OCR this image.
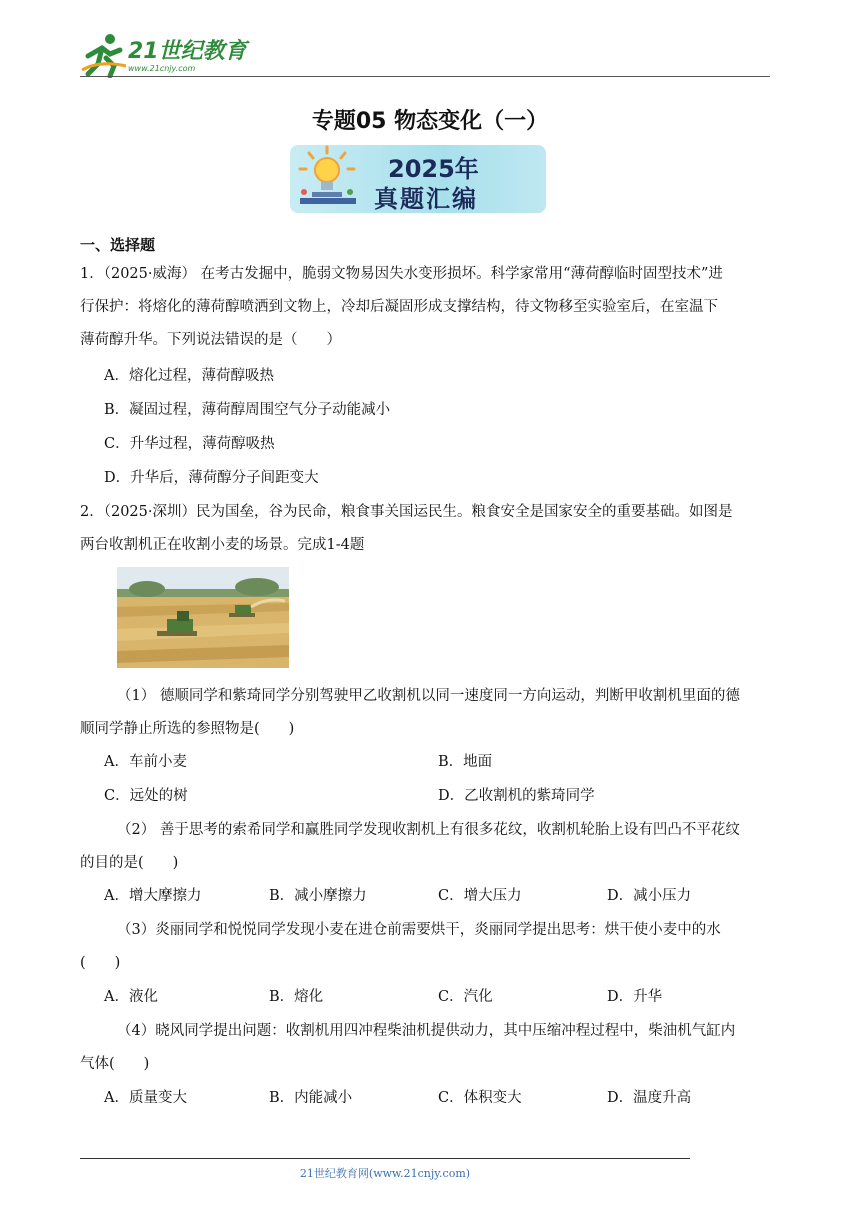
21世纪教育
www.21cnjy.com
专题05 物态变化（一）
2025年
真题汇编
一、选择题
1．（2025·威海） 在考古发掘中，脆弱文物易因失水变形损坏。科学家常用“薄荷醇临时固型技术”进
行保护：将熔化的薄荷醇喷洒到文物上，冷却后凝固形成支撑结构，待文物移至实验室后，在室温下
薄荷醇升华。下列说法错误的是（　　）
A．熔化过程，薄荷醇吸热
B．凝固过程，薄荷醇周围空气分子动能减小
C．升华过程，薄荷醇吸热
D．升华后，薄荷醇分子间距变大
2．（2025·深圳）民为国垒，谷为民命，粮食事关国运民生。粮食安全是国家安全的重要基础。如图是
两台收割机正在收割小麦的场景。完成1-4题
（1） 德顺同学和紫琦同学分别驾驶甲乙收割机以同一速度同一方向运动，判断甲收割机里面的德
顺同学静止所选的参照物是(　　)
A．车前小麦	B．地面
C．远处的树	D．乙收割机的紫琦同学
（2） 善于思考的索希同学和赢胜同学发现收割机上有很多花纹，收割机轮胎上设有凹凸不平花纹
的目的是(　　)
A．增大摩擦力	B．减小摩擦力	C．增大压力	D．减小压力
（3）炎丽同学和悦悦同学发现小麦在进仓前需要烘干，炎丽同学提出思考：烘干使小麦中的水
(　　)
A．液化	B．熔化	C．汽化	D．升华
（4）晓风同学提出问题：收割机用四冲程柴油机提供动力，其中压缩冲程过程中，柴油机气缸内
气体(　　)
A．质量变大	B．内能减小	C．体积变大	D．温度升高
21世纪教育网(www.21cnjy.com)
